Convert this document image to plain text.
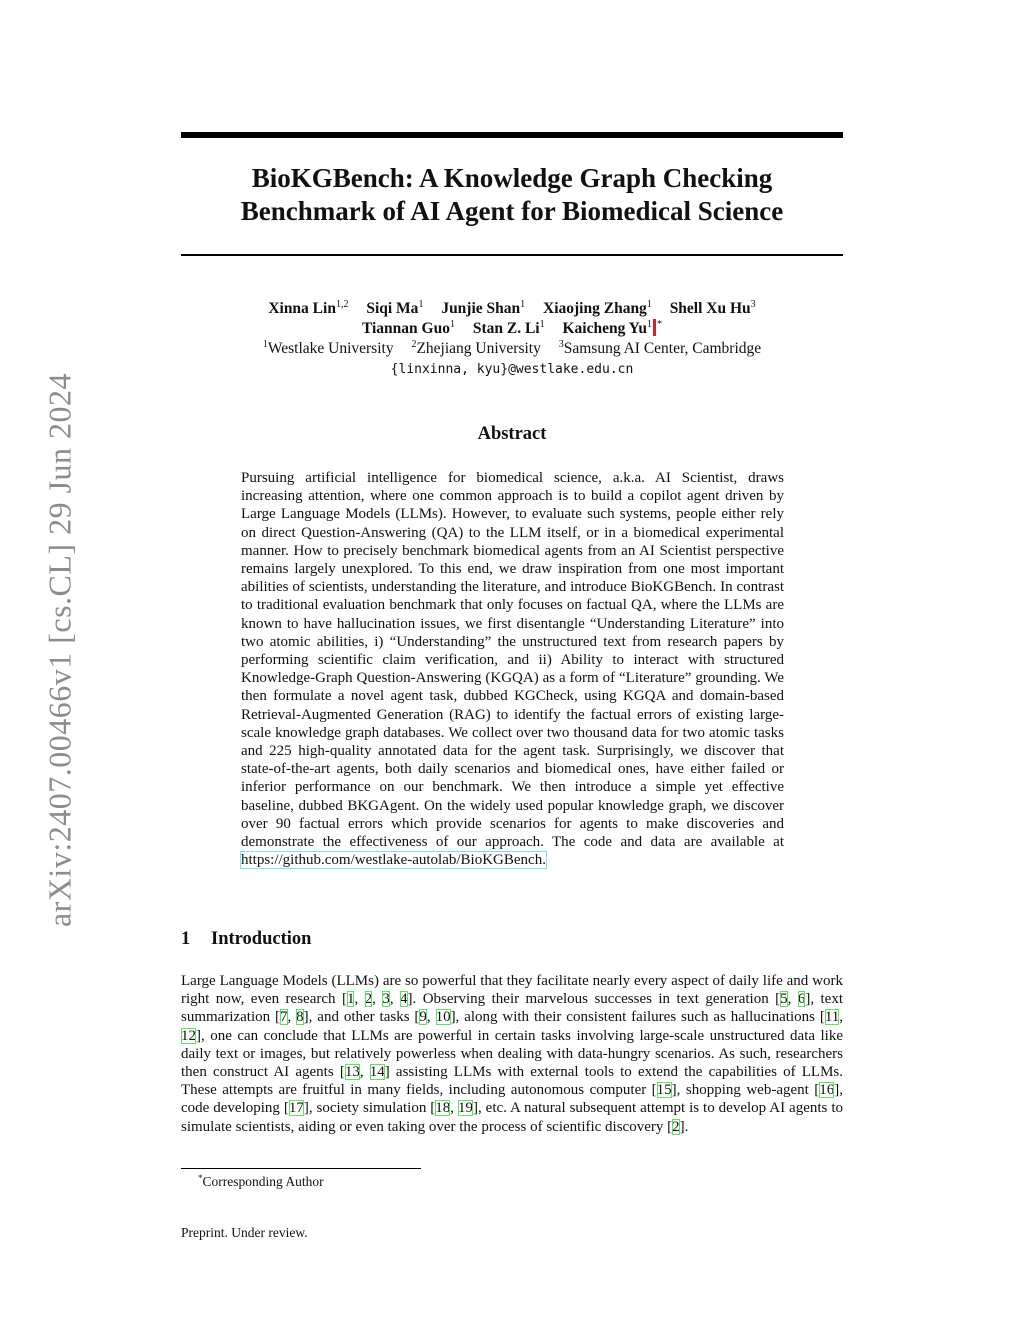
arXiv:2407.00466v1 [cs.CL] 29 Jun 2024
BioKGBench: A Knowledge Graph Checking
Benchmark of AI Agent for Biomedical Science
Xinna Lin$^{1,2}$ Siqi Ma$^1$ Junjie Shan$^1$ Xiaojing Zhang$^1$ Shell Xu Hu$^3$
Tiannan Guo$^1$ Stan Z. Li$^1$ Kaicheng Yu$^1$ *
$^1$Westlake University $^2$Zhejiang University $^3$Samsung AI Center, Cambridge
{linxinna, kyu}@westlake.edu.cn
Abstract
Pursuing artificial intelligence for biomedical science, a.k.a. AI Scientist, draws increasing attention, where one common approach is to build a copilot agent driven by Large Language Models (LLMs). However, to evaluate such systems, people either rely on direct Question-Answering (QA) to the LLM itself, or in a biomedical experimental manner. How to precisely benchmark biomedical agents from an AI Scientist perspective remains largely unexplored. To this end, we draw inspiration from one most important abilities of scientists, understanding the literature, and introduce BioKGBench. In contrast to traditional evaluation benchmark that only focuses on factual QA, where the LLMs are known to have hallucination issues, we first disentangle “Understanding Literature” into two atomic abilities, i) “Understanding” the unstructured text from research papers by performing scientific claim verification, and ii) Ability to interact with structured Knowledge-Graph Question-Answering (KGQA) as a form of “Literature” grounding. We then formulate a novel agent task, dubbed KGCheck, using KGQA and domain-based Retrieval-Augmented Generation (RAG) to identify the factual errors of existing large-scale knowledge graph databases. We collect over two thousand data for two atomic tasks and 225 high-quality annotated data for the agent task. Surprisingly, we discover that state-of-the-art agents, both daily scenarios and biomedical ones, have either failed or inferior performance on our benchmark. We then introduce a simple yet effective baseline, dubbed BKGAgent. On the widely used popular knowledge graph, we discover over 90 factual errors which provide scenarios for agents to make discoveries and demonstrate the effectiveness of our approach. The code and data are available at https://github.com/westlake-autolab/BioKGBench.
1 Introduction
Large Language Models (LLMs) are so powerful that they facilitate nearly every aspect of daily life and work right now, even research [1, 2, 3, 4]. Observing their marvelous successes in text generation [5, 6], text summarization [7, 8], and other tasks [9, 10], along with their consistent failures such as hallucinations [11, 12], one can conclude that LLMs are powerful in certain tasks involving large-scale unstructured data like daily text or images, but relatively powerless when dealing with data-hungry scenarios. As such, researchers then construct AI agents [13, 14] assisting LLMs with external tools to extend the capabilities of LLMs. These attempts are fruitful in many fields, including autonomous computer [15], shopping web-agent [16], code developing [17], society simulation [18, 19], etc. A natural subsequent attempt is to develop AI agents to simulate scientists, aiding or even taking over the process of scientific discovery [2].
*Corresponding Author
Preprint. Under review.
